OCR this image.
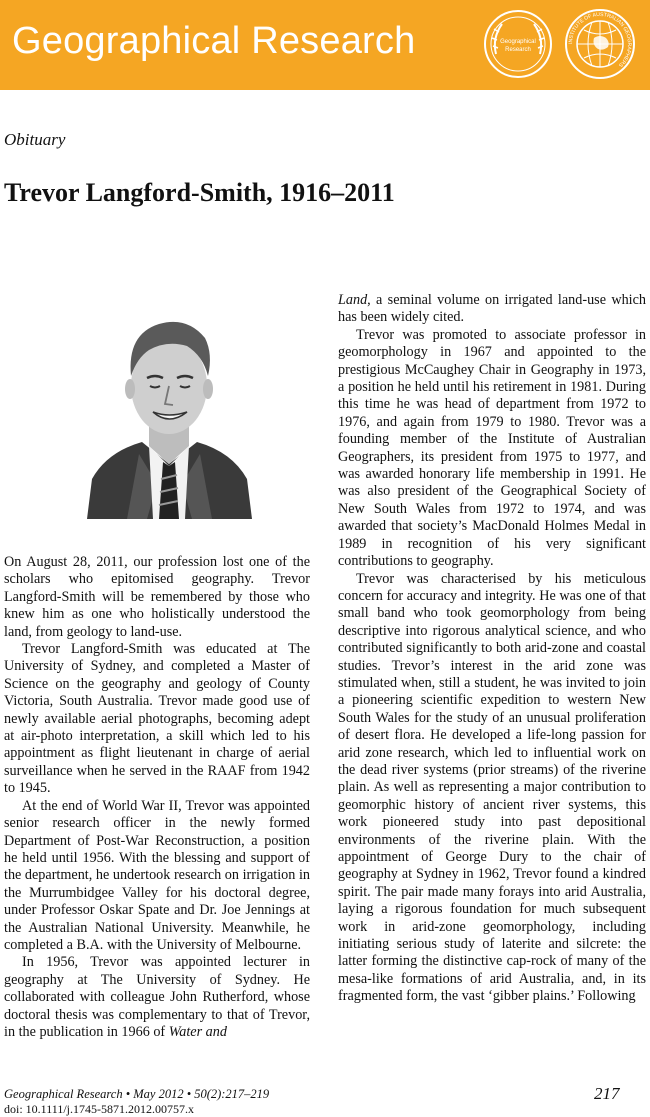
Geographical Research	Geographical
Research
INSTITUTE OF AUSTRALIAN GEOGRAPHERS
Obituary
Trevor Langford-Smith, 1916–2011

On August 28, 2011, our profession lost one of the scholars who epitomised geography. Trevor Langford-Smith will be remembered by those who knew him as one who holistically understood the land, from geology to land-use.

Trevor Langford-Smith was educated at The University of Sydney, and completed a Master of Science on the geography and geology of County Victoria, South Australia. Trevor made good use of newly available aerial photographs, becoming adept at air-photo interpretation, a skill which led to his appointment as flight lieutenant in charge of aerial surveillance when he served in the RAAF from 1942 to 1945.

At the end of World War II, Trevor was appointed senior research officer in the newly formed Department of Post-War Reconstruction, a position he held until 1956. With the blessing and support of the department, he undertook research on irrigation in the Murrumbidgee Valley for his doctoral degree, under Professor Oskar Spate and Dr. Joe Jennings at the Australian National University. Meanwhile, he completed a B.A. with the University of Melbourne.

In 1956, Trevor was appointed lecturer in geography at The University of Sydney. He collaborated with colleague John Rutherford, whose doctoral thesis was complementary to that of Trevor, in the publication in 1966 of Water and

Land, a seminal volume on irrigated land-use which has been widely cited.

Trevor was promoted to associate professor in geomorphology in 1967 and appointed to the prestigious McCaughey Chair in Geography in 1973, a position he held until his retirement in 1981. During this time he was head of department from 1972 to 1976, and again from 1979 to 1980. Trevor was a founding member of the Institute of Australian Geographers, its president from 1975 to 1977, and was awarded honorary life membership in 1991. He was also president of the Geographical Society of New South Wales from 1972 to 1974, and was awarded that society’s MacDonald Holmes Medal in 1989 in recognition of his very significant contributions to geography.

Trevor was characterised by his meticulous concern for accuracy and integrity. He was one of that small band who took geomorphology from being descriptive into rigorous analytical science, and who contributed significantly to both arid-zone and coastal studies. Trevor’s interest in the arid zone was stimulated when, still a student, he was invited to join a pioneering scientific expedition to western New South Wales for the study of an unusual proliferation of desert flora. He developed a life-long passion for arid zone research, which led to influential work on the dead river systems (prior streams) of the riverine plain. As well as representing a major contribution to geomorphic history of ancient river systems, this work pioneered study into past depositional environments of the riverine plain. With the appointment of George Dury to the chair of geography at Sydney in 1962, Trevor found a kindred spirit. The pair made many forays into arid Australia, laying a rigorous foundation for much subsequent work in arid-zone geomorphology, including initiating serious study of laterite and silcrete: the latter forming the distinctive cap-rock of many of the mesa-like formations of arid Australia, and, in its fragmented form, the vast ‘gibber plains.’ Following

Geographical Research • May 2012 • 50(2):217–219
doi: 10.1111/j.1745-5871.2012.00757.x
217
